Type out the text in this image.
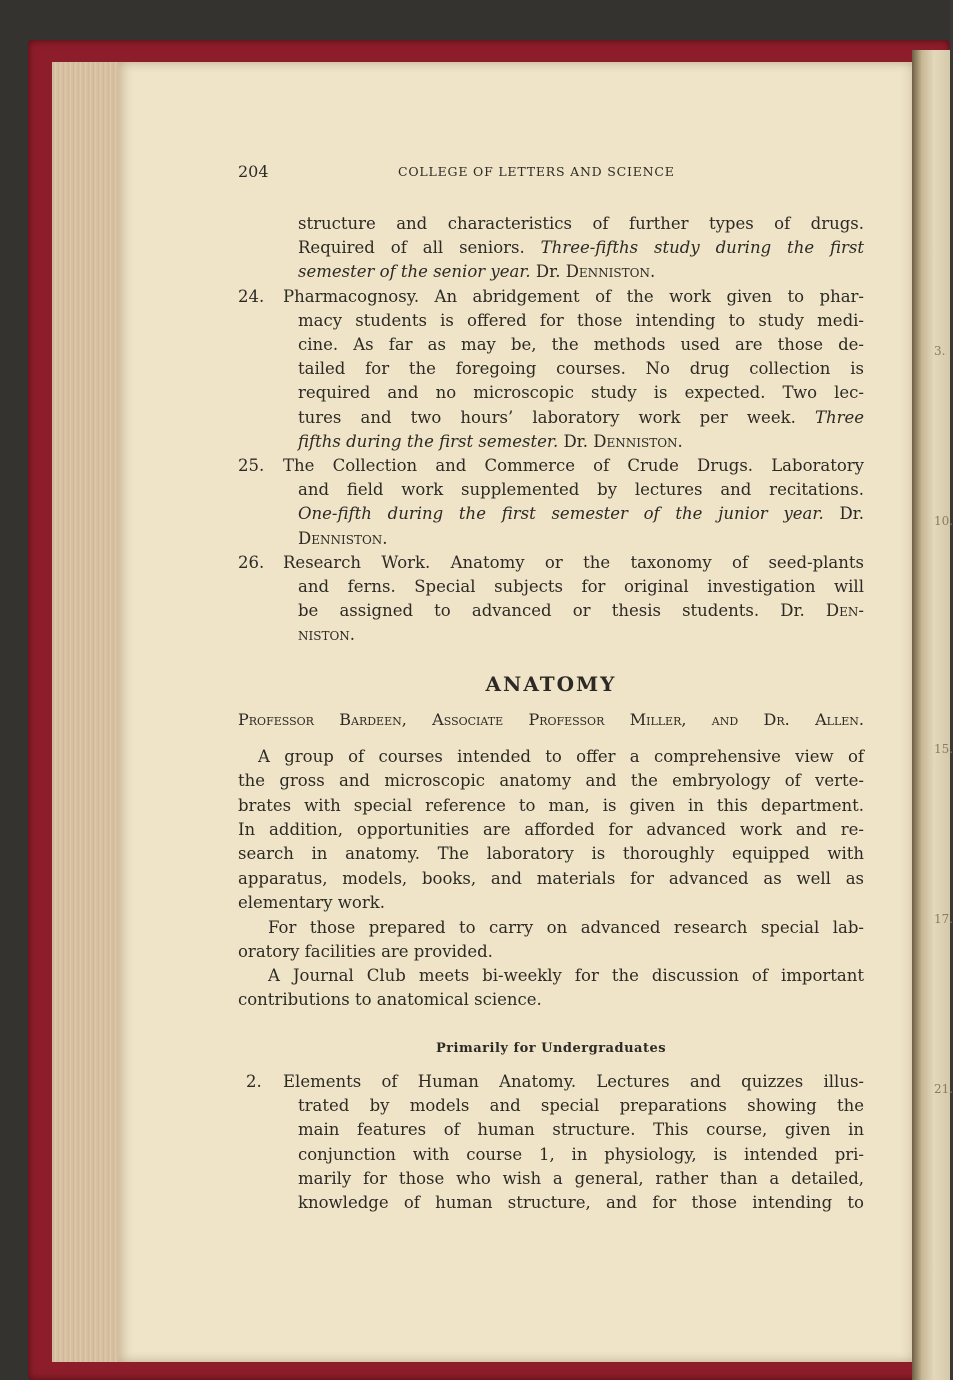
3.
10.
15.
17.
21.
204	COLLEGE OF LETTERS AND SCIENCE
structure and characteristics of further types of drugs.
Required of all seniors. Three-fifths study during the first
semester of the senior year. Dr. Denniston.
24. Pharmacognosy. An abridgement of the work given to phar-
macy students is offered for those intending to study medi-
cine. As far as may be, the methods used are those de-
tailed for the foregoing courses. No drug collection is
required and no microscopic study is expected. Two lec-
tures and two hours’ laboratory work per week. Three
fifths during the first semester. Dr. Denniston.
25. The Collection and Commerce of Crude Drugs. Laboratory
and field work supplemented by lectures and recitations.
One-fifth during the first semester of the junior year. Dr.
Denniston.
26. Research Work. Anatomy or the taxonomy of seed-plants
and ferns. Special subjects for original investigation will
be assigned to advanced or thesis students. Dr. Den-
niston.
ANATOMY
Professor Bardeen, Associate Professor Miller, and Dr. Allen.
A group of courses intended to offer a comprehensive view of
the gross and microscopic anatomy and the embryology of verte-
brates with special reference to man, is given in this department.
In addition, opportunities are afforded for advanced work and re-
search in anatomy. The laboratory is thoroughly equipped with
apparatus, models, books, and materials for advanced as well as
elementary work.
For those prepared to carry on advanced research special lab-
oratory facilities are provided.
A Journal Club meets bi-weekly for the discussion of important
contributions to anatomical science.
Primarily for Undergraduates
2. Elements of Human Anatomy. Lectures and quizzes illus-
trated by models and special preparations showing the
main features of human structure. This course, given in
conjunction with course 1, in physiology, is intended pri-
marily for those who wish a general, rather than a detailed,
knowledge of human structure, and for those intending to
